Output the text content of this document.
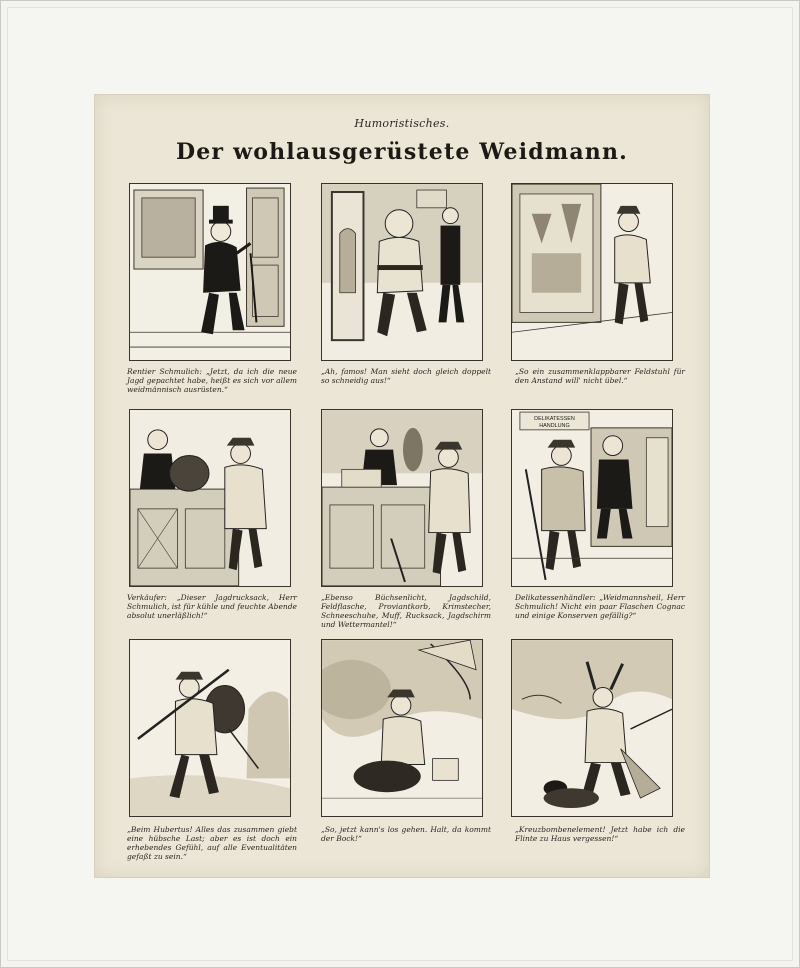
Humoristisches.
Der wohlausgerüstete Weidmann.
Rentier Schmulich: „Jetzt, da ich die neue Jagd gepachtet habe, heißt es sich vor allem weidmännisch ausrüsten.“
„Ah, famos! Man sieht doch gleich doppelt so schneidig aus!“
„So ein zusammenklappbarer Feldstuhl für den Anstand will' nicht übel.“
Verkäufer: „Dieser Jagdrucksack, Herr Schmulich, ist für kühle und feuchte Abende absolut unerläßlich!“
„Ebenso Büchsenlicht, Jagdschild, Feldflasche, Proviantkorb, Krimstecher, Schneeschuhe, Muff, Rucksack, Jagdschirm und Wettermantel!“
DELIKATESSEN
HANDLUNG
Delikatessenhändler: „Weidmannsheil, Herr Schmulich! Nicht ein paar Flaschen Cognac und einige Konserven gefällig?“
„Beim Hubertus! Alles das zusammen giebt eine hübsche Last; aber es ist doch ein erhebendes Gefühl, auf alle Eventualitäten gefaßt zu sein.“
„So, jetzt kann's los gehen. Halt, da kommt der Bock!“
„Kreuzbombenelement! Jetzt habe ich die Flinte zu Haus vergessen!“
